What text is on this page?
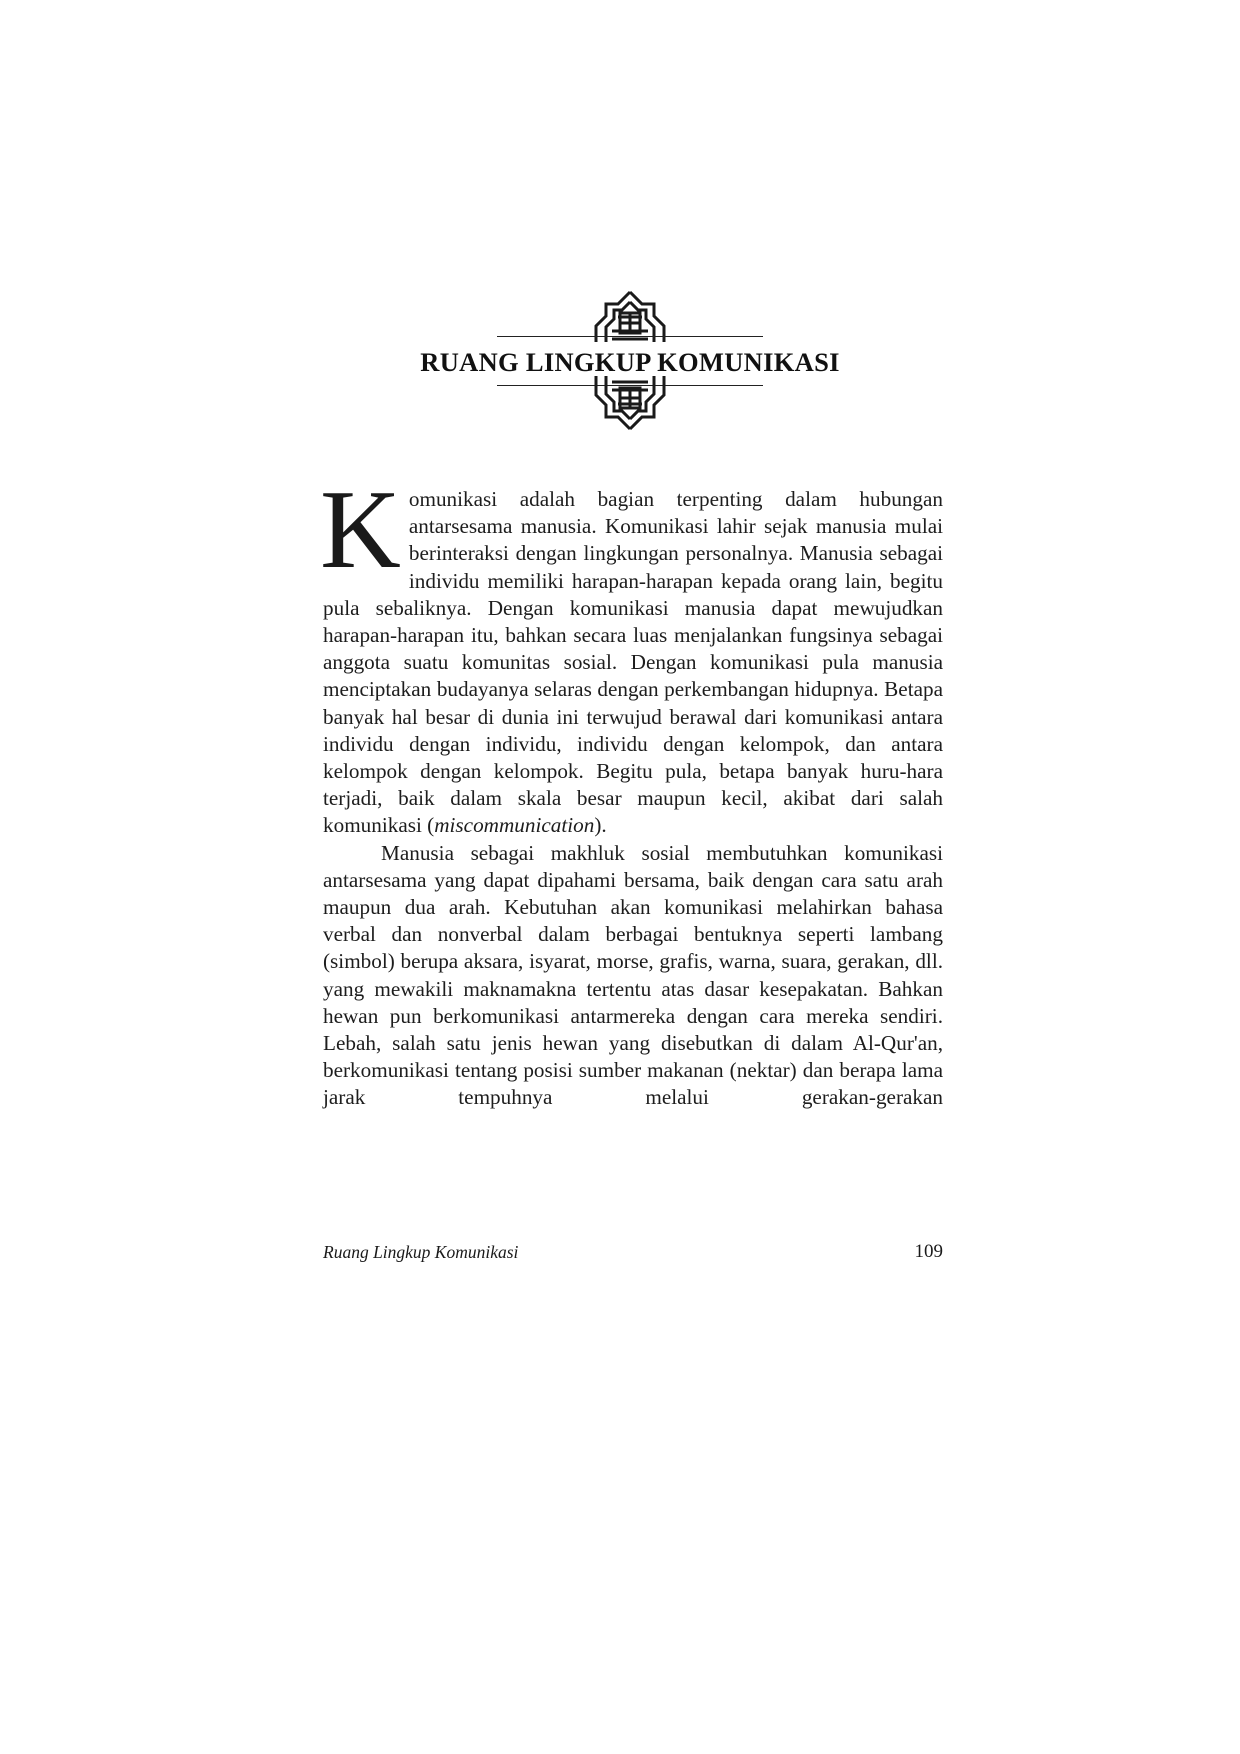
RUANG LINGKUP KOMUNIKASI

Komunikasi adalah bagian terpenting dalam hubungan antarsesama manusia. Komunikasi lahir sejak manusia mulai berinteraksi dengan lingkungan personalnya. Manusia sebagai individu memiliki harapan-harapan kepada orang lain, begitu pula sebaliknya. Dengan komunikasi manusia dapat mewujudkan harapan-harapan itu, bahkan secara luas menjalankan fungsinya sebagai anggota suatu komunitas sosial. Dengan komunikasi pula manusia menciptakan budayanya selaras dengan perkembangan hidupnya. Betapa banyak hal besar di dunia ini terwujud berawal dari komunikasi antara individu dengan individu, individu dengan kelompok, dan antara kelompok dengan kelompok. Begitu pula, betapa banyak huru-hara terjadi, baik dalam skala besar maupun kecil, akibat dari salah komunikasi (miscommunication).

Manusia sebagai makhluk sosial membutuhkan komunikasi antarsesama yang dapat dipahami bersama, baik dengan cara satu arah maupun dua arah. Kebutuhan akan komunikasi melahirkan bahasa verbal dan nonverbal dalam berbagai bentuknya seperti lambang (simbol) berupa aksara, isyarat, morse, grafis, warna, suara, gerakan, dll. yang mewakili maknamakna tertentu atas dasar kesepakatan. Bahkan hewan pun berkomunikasi antarmereka dengan cara mereka sendiri. Lebah, salah satu jenis hewan yang disebutkan di dalam Al-Qur'an, berkomunikasi tentang posisi sumber makanan (nektar) dan berapa lama jarak tempuhnya melalui gerakan-gerakan

Ruang Lingkup Komunikasi	109
